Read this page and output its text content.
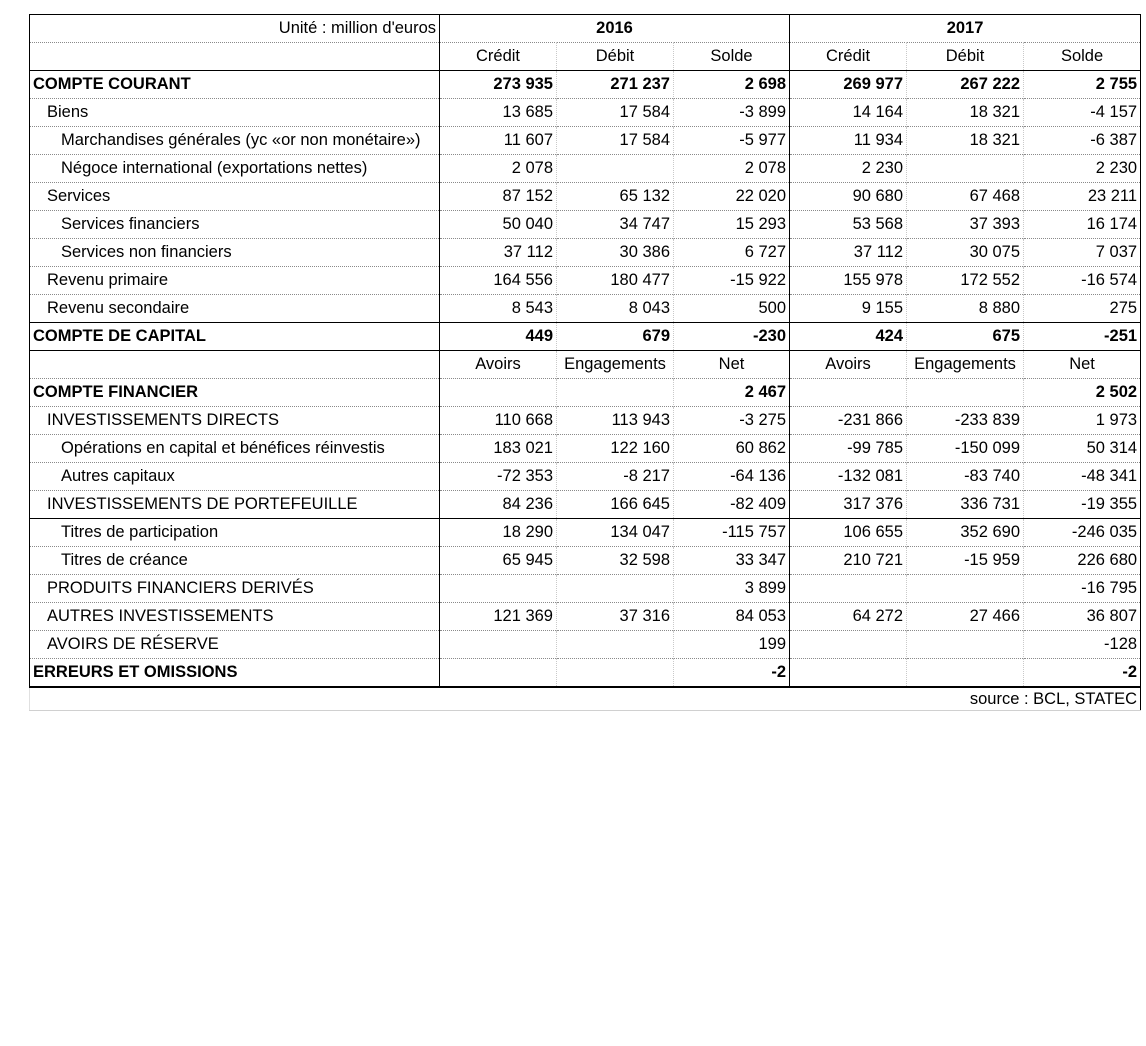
Unité : million d'euros	2016			2017		
	Crédit	Débit	Solde	Crédit	Débit	Solde
COMPTE COURANT	273 935	271 237	2 698	269 977	267 222	2 755
Biens	13 685	17 584	-3 899	14 164	18 321	-4 157
Marchandises générales (yc «or non monétaire»)	11 607	17 584	-5 977	11 934	18 321	-6 387
Négoce international (exportations nettes)	2 078		2 078	2 230		2 230
Services	87 152	65 132	22 020	90 680	67 468	23 211
Services financiers	50 040	34 747	15 293	53 568	37 393	16 174
Services non financiers	37 112	30 386	6 727	37 112	30 075	7 037
Revenu primaire	164 556	180 477	-15 922	155 978	172 552	-16 574
Revenu secondaire	8 543	8 043	500	9 155	8 880	275
COMPTE DE CAPITAL	449	679	-230	424	675	-251
	Avoirs	Engagements	Net	Avoirs	Engagements	Net
COMPTE FINANCIER			2 467			2 502
INVESTISSEMENTS DIRECTS	110 668	113 943	-3 275	-231 866	-233 839	1 973
Opérations en capital et bénéfices réinvestis	183 021	122 160	60 862	-99 785	-150 099	50 314
Autres capitaux	-72 353	-8 217	-64 136	-132 081	-83 740	-48 341
INVESTISSEMENTS DE PORTEFEUILLE	84 236	166 645	-82 409	317 376	336 731	-19 355
Titres de participation	18 290	134 047	-115 757	106 655	352 690	-246 035
Titres de créance	65 945	32 598	33 347	210 721	-15 959	226 680
PRODUITS FINANCIERS DERIVÉS			3 899			-16 795
AUTRES INVESTISSEMENTS	121 369	37 316	84 053	64 272	27 466	36 807
AVOIRS DE RÉSERVE			199			-128
ERREURS ET OMISSIONS			-2			-2
	source : BCL, STATEC					
